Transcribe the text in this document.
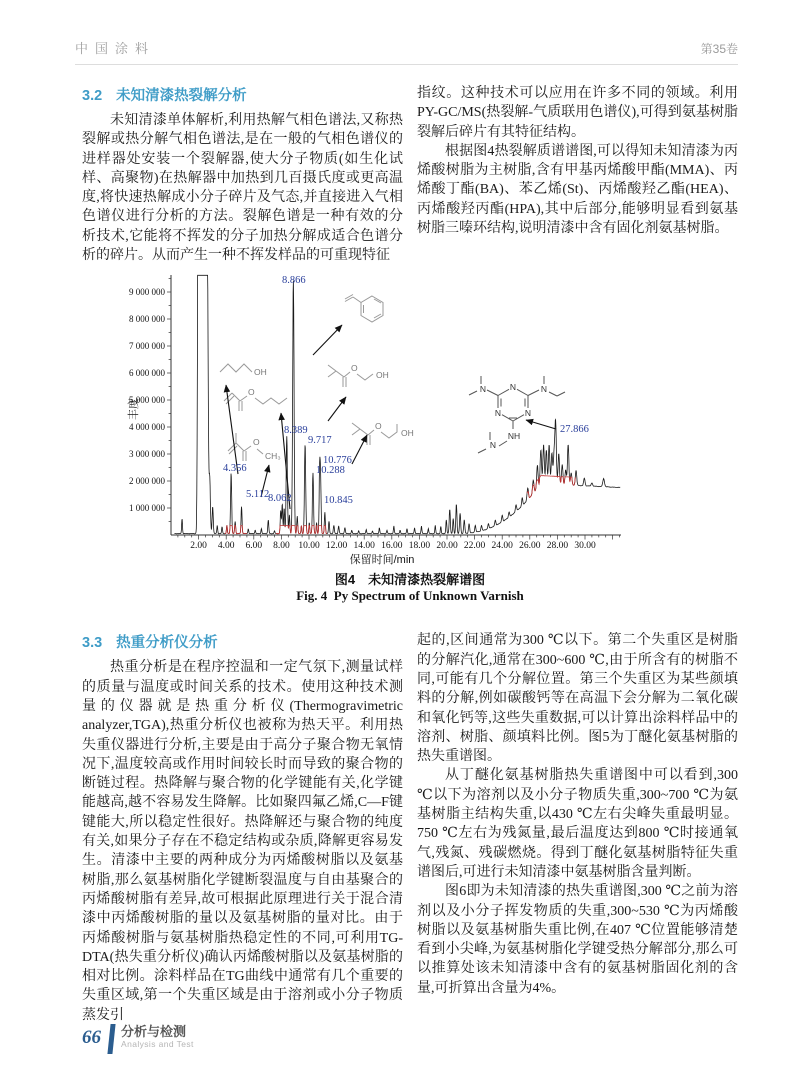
中国涂料	第35卷
3.2 未知清漆热裂解分析

未知清漆单体解析,利用热解气相色谱法,又称热裂解或热分解气相色谱法,是在一般的气相色谱仪的进样器处安装一个裂解器,使大分子物质(如生化试样、高聚物)在热解器中加热到几百摄氏度或更高温度,将快速热解成小分子碎片及气态,并直接进入气相色谱仪进行分析的方法。裂解色谱是一种有效的分析技术,它能将不挥发的分子加热分解成适合色谱分析的碎片。从而产生一种不挥发样品的可重现特征

指纹。这种技术可以应用在许多不同的领域。利用PY-GC/MS(热裂解-气质联用色谱仪),可得到氨基树脂裂解后碎片有其特征结构。

根据图4热裂解质谱谱图,可以得知未知清漆为丙烯酸树脂为主树脂,含有甲基丙烯酸甲酯(MMA)、丙烯酸丁酯(BA)、苯乙烯(St)、丙烯酸羟乙酯(HEA)、丙烯酸羟丙酯(HPA),其中后部分,能够明显看到氨基树脂三嗪环结构,说明清漆中含有固化剂氨基树脂。

丰度
保留时间/min
OH
O
O
CH₃
O
OH
O
OH
N
N	N
N	N
NH
N
1 000 000
2 000 000
3 000 000
4 000 000
5 000 000
6 000 000
7 000 000
8 000 000
9 000 000
2.00 4.00 6.00 8.00 10.00 12.00 14.00 16.00 18.00 20.00 22.00 24.00 26.00 28.00 30.00
8.866
4.356
5.112
8.062
8.389
9.717
10.776
10.288
10.845
27.866
图4　未知清漆热裂解谱图
Fig. 4  Py Spectrum of Unknown Varnish
3.3 热重分析仪分析

热重分析是在程序控温和一定气氛下,测量试样的质量与温度或时间关系的技术。使用这种技术测量的仪器就是热重分析仪(Thermogravimetric analyzer,TGA),热重分析仪也被称为热天平。利用热失重仪器进行分析,主要是由于高分子聚合物无氧情况下,温度较高或作用时间较长时而导致的聚合物的断链过程。热降解与聚合物的化学键能有关,化学键能越高,越不容易发生降解。比如聚四氟乙烯,C—F键键能大,所以稳定性很好。热降解还与聚合物的纯度有关,如果分子存在不稳定结构或杂质,降解更容易发生。清漆中主要的两种成分为丙烯酸树脂以及氨基树脂,那么氨基树脂化学键断裂温度与自由基聚合的丙烯酸树脂有差异,故可根据此原理进行关于混合清漆中丙烯酸树脂的量以及氨基树脂的量对比。由于丙烯酸树脂与氨基树脂热稳定性的不同,可利用TG-DTA(热失重分析仪)确认丙烯酸树脂以及氨基树脂的相对比例。涂料样品在TG曲线中通常有几个重要的失重区域,第一个失重区域是由于溶剂或小分子物质蒸发引

起的,区间通常为300 ℃以下。第二个失重区是树脂的分解汽化,通常在300~600 ℃,由于所含有的树脂不同,可能有几个分解位置。第三个失重区为某些颜填料的分解,例如碳酸钙等在高温下会分解为二氧化碳和氧化钙等,这些失重数据,可以计算出涂料样品中的溶剂、树脂、颜填料比例。图5为丁醚化氨基树脂的热失重谱图。

从丁醚化氨基树脂热失重谱图中可以看到,300 ℃以下为溶剂以及小分子物质失重,300~700 ℃为氨基树脂主结构失重,以430 ℃左右尖峰失重最明显。750 ℃左右为残氮量,最后温度达到800 ℃时接通氧气,残氮、残碳燃烧。得到丁醚化氨基树脂特征失重谱图后,可进行未知清漆中氨基树脂含量判断。

图6即为未知清漆的热失重谱图,300 ℃之前为溶剂以及小分子挥发物质的失重,300~530 ℃为丙烯酸树脂以及氨基树脂失重比例,在407 ℃位置能够清楚看到小尖峰,为氨基树脂化学键受热分解部分,那么可以推算处该未知清漆中含有的氨基树脂固化剂的含量,可折算出含量为4%。

66 分析与检测
Analysis and Test
